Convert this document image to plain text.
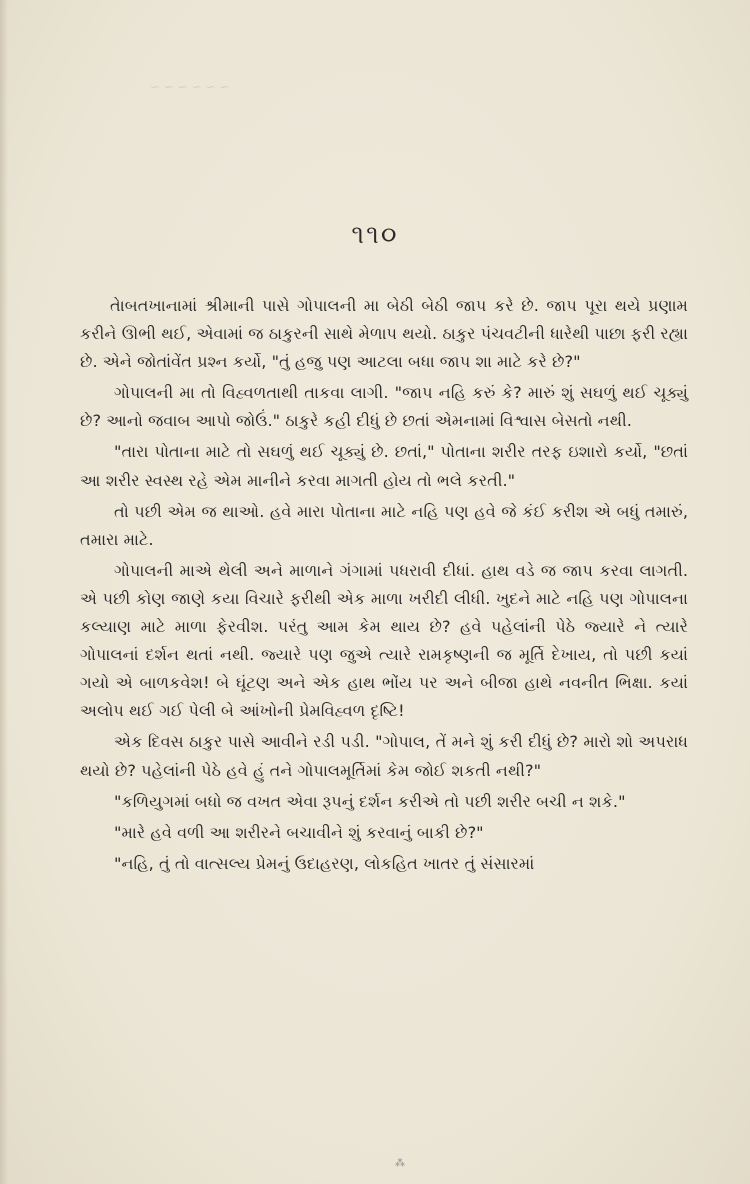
~ ~ ~ ~ ~ ~
૧૧૦

તેાબતખાનામાં શ્રીમાની પાસે ગોપાલની મા બેઠી બેઠી જાપ કરે છે. જાપ પૂરા થયે પ્રણામ કરીને ઊભી થઈ, એવામાં જ ઠાકુરની સાથે મેળાપ થયો. ઠાકુર પંચવટીની ધારેથી પાછા ફરી રહ્યા છે. એને જોતાંવેંત પ્રશ્ન કર્યો, "તું હજુ પણ આટલા બધા જાપ શા માટે કરે છે?"

ગોપાલની મા તો વિહ્વળતાથી તાકવા લાગી. "જાપ નહિ કરું કે? મારું શું સઘળું થઈ ચૂક્યું છે? આનો જવાબ આપો જોઉં." ઠાકુરે કહી દીધું છે છતાં એમનામાં વિશ્વાસ બેસતો નથી.

"તારા પોતાના માટે તો સઘળું થઈ ચૂક્યું છે. છતાં," પોતાના શરીર તરફ ઇશારો કર્યો, "છતાં આ શરીર સ્વસ્થ રહે એમ માનીને કરવા માગતી હોય તો ભલે કરતી."

તો પછી એમ જ થાઓ. હવે મારા પોતાના માટે નહિ પણ હવે જે કંઈ કરીશ એ બધું તમારું, તમારા માટે.

ગોપાલની માએ થેલી અને માળાને ગંગામાં પધરાવી દીધાં. હાથ વડે જ જાપ કરવા લાગતી. એ પછી કોણ જાણે કયા વિચારે ફરીથી એક માળા ખરીદી લીધી. ખુદને માટે નહિ પણ ગોપાલના કલ્યાણ માટે માળા ફેરવીશ. પરંતુ આમ કેમ થાય છે? હવે પહેલાંની પેઠે જ્યારે ને ત્યારે ગોપાલનાં દર્શન થતાં નથી. જ્યારે પણ જુએ ત્યારે રામકૃષ્ણની જ મૂર્તિ દેખાય, તો પછી કયાં ગયો એ બાળકવેશ! બે ઘૂંટણ અને એક હાથ ભોંય પર અને બીજા હાથે નવનીત ભિક્ષા. કયાં અલોપ થઈ ગઈ પેલી બે આંખોની પ્રેમવિહ્વળ દૃષ્ટિ!

એક દિવસ ઠાકુર પાસે આવીને રડી પડી. "ગોપાલ, તેં મને શું કરી દીધું છે? મારો શો અપરાધ થયો છે? પહેલાંની પેઠે હવે હું તને ગોપાલમૂર્તિમાં કેમ જોઈ શકતી નથી?"

"કળિયુગમાં બધો જ વખત એવા રૂપનું દર્શન કરીએ તો પછી શરીર બચી ન શકે."

"મારે હવે વળી આ શરીરને બચાવીને શું કરવાનું બાકી છે?"

"નહિ, તું તો વાત્સલ્ય પ્રેમનું ઉદાહરણ, લોકહિત ખાતર તું સંસારમાં

⁂
